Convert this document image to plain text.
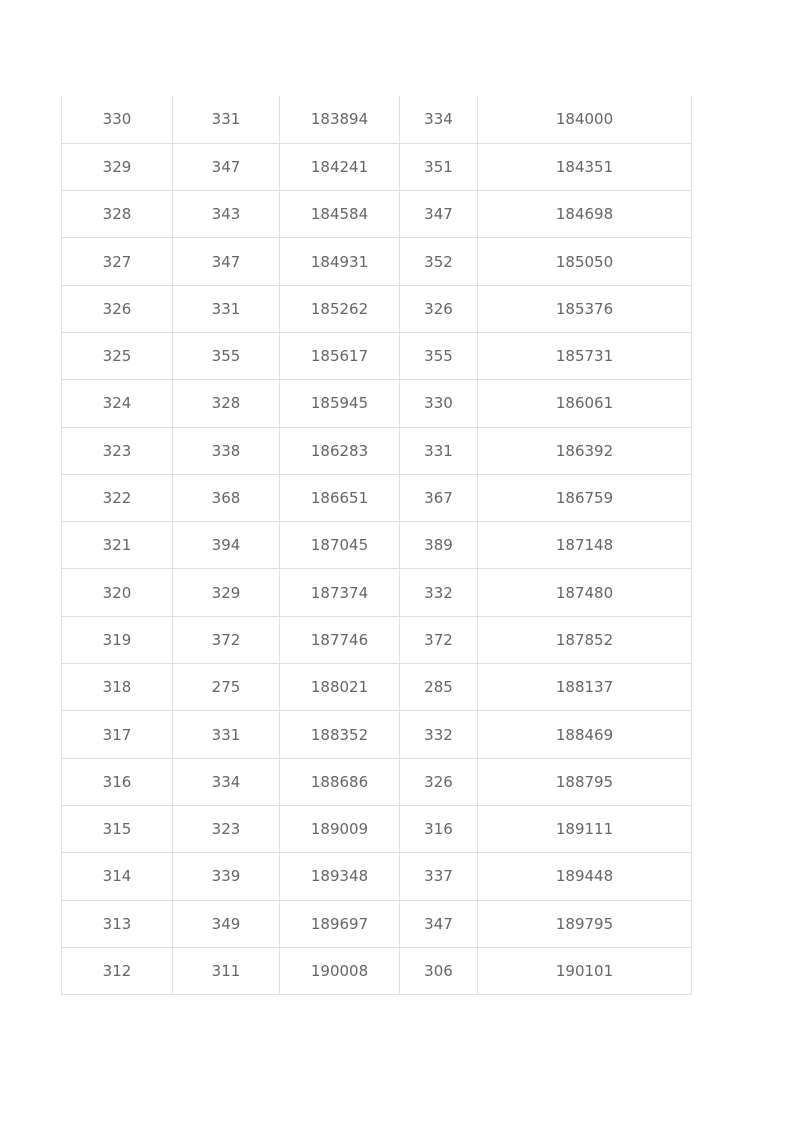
330	331	183894	334	184000
329	347	184241	351	184351
328	343	184584	347	184698
327	347	184931	352	185050
326	331	185262	326	185376
325	355	185617	355	185731
324	328	185945	330	186061
323	338	186283	331	186392
322	368	186651	367	186759
321	394	187045	389	187148
320	329	187374	332	187480
319	372	187746	372	187852
318	275	188021	285	188137
317	331	188352	332	188469
316	334	188686	326	188795
315	323	189009	316	189111
314	339	189348	337	189448
313	349	189697	347	189795
312	311	190008	306	190101
